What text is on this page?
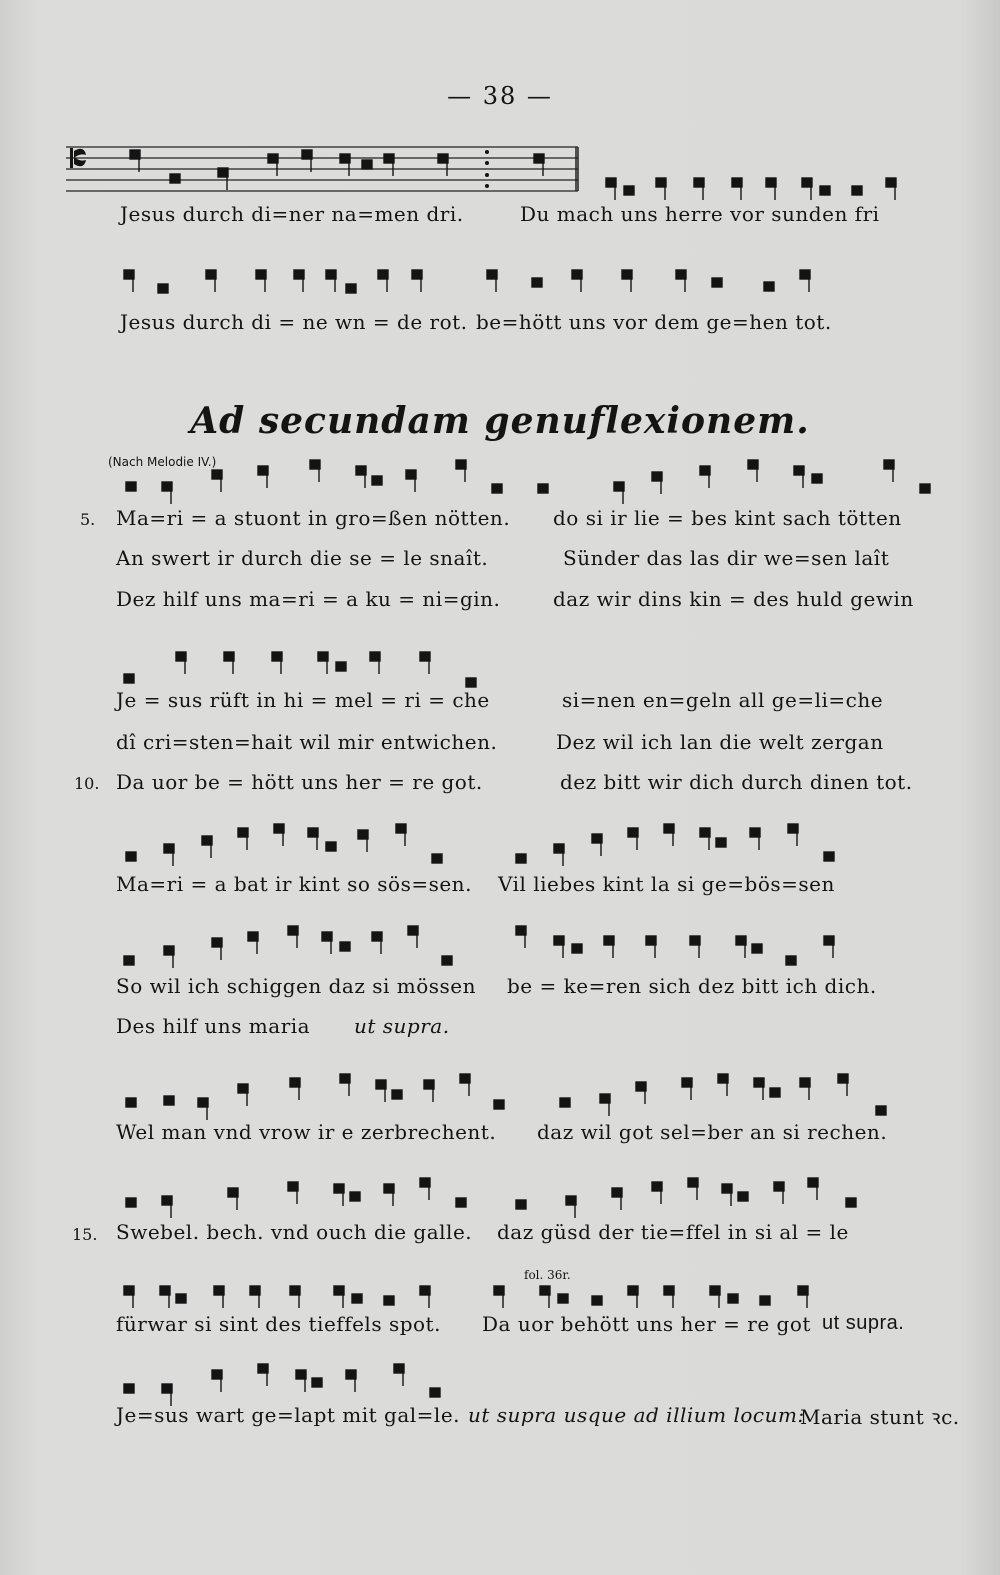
— 38 —
Jesus durch di=ner na=men dri.	Du mach uns herre vor sunden fri
Jesus durch di = ne wn = de rot. be=hött uns vor dem ge=hen tot.
Ad secundam genuflexionem.
(Nach Melodie IV.)
5. Ma=ri = a stuont in gro=ßen nötten. do si ir lie = bes kint sach tötten
An swert ir durch die se = le snaît.	Sünder das las dir we=sen laît
Dez hilf uns ma=ri = a ku = ni=gin.	daz wir dins kin = des huld gewin
Je = sus rüft in hi = mel = ri = che	si=nen en=geln all ge=li=che
dî cri=sten=hait wil mir entwichen.	Dez wil ich lan die welt zergan
10. Da uor be = hött uns her = re got.	dez bitt wir dich durch dinen tot.
Ma=ri = a bat ir kint so sös=sen. Vil liebes kint la si ge=bös=sen
So wil ich schiggen daz si mössen be = ke=ren sich dez bitt ich dich.
Des hilf uns maria ut supra.
Wel man vnd vrow ir e zerbrechent. daz wil got sel=ber an si rechen.
15. Swebel. bech. vnd ouch die galle. daz güsd der tie=ffel in si al = le
fol. 36r.
fürwar si sint des tieffels spot. Da uor behött uns her = re got ut supra.
Je=sus wart ge=lapt mit gal=le. ut supra usque ad illium locum:
Maria stunt ꝛc.
